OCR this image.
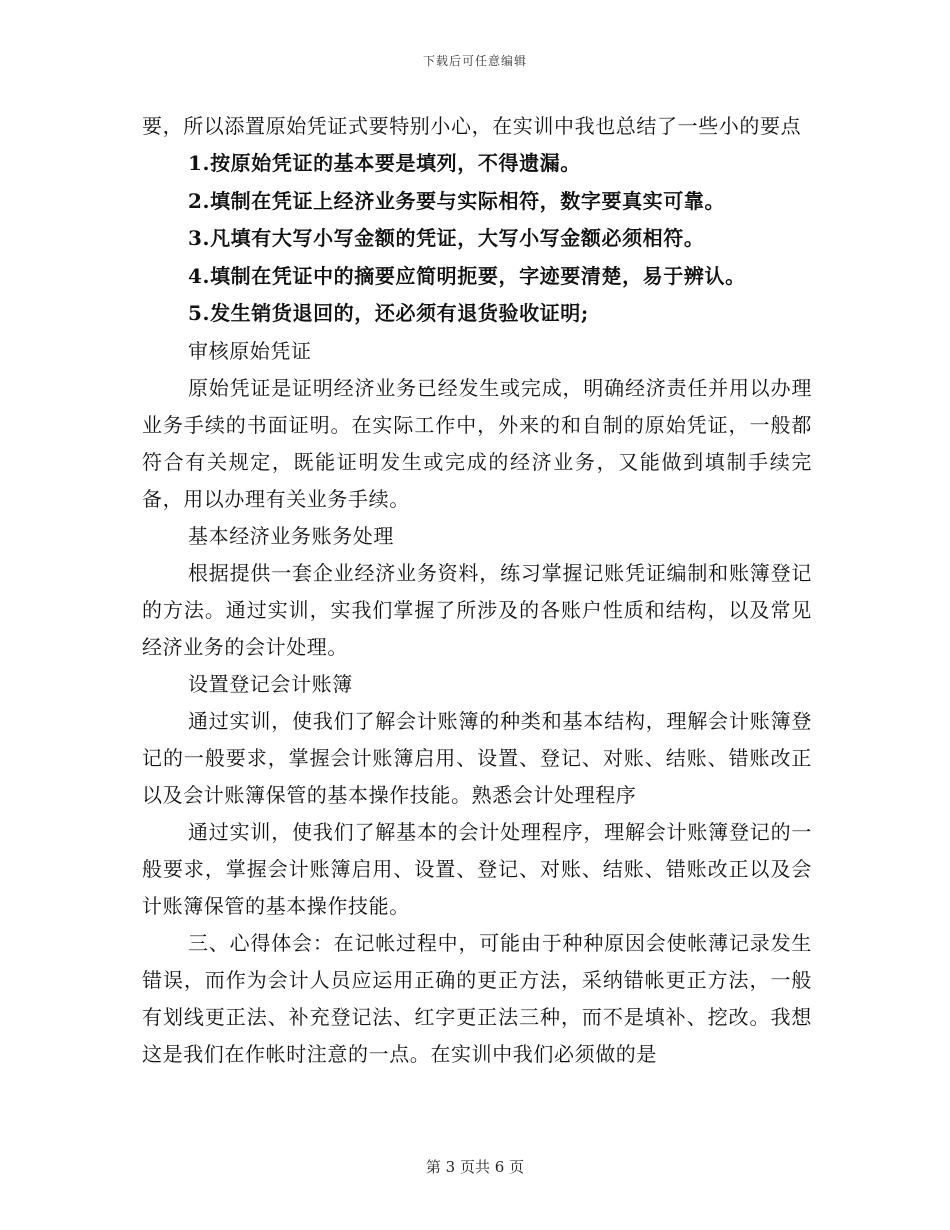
下载后可任意编辑

要，所以添置原始凭证式要特别小心，在实训中我也总结了一些小的要点

1.按原始凭证的基本要是填列，不得遗漏。

2.填制在凭证上经济业务要与实际相符，数字要真实可靠。

3.凡填有大写小写金额的凭证，大写小写金额必须相符。

4.填制在凭证中的摘要应简明扼要，字迹要清楚，易于辨认。

5.发生销货退回的，还必须有退货验收证明;

审核原始凭证

原始凭证是证明经济业务已经发生或完成，明确经济责任并用以办理业务手续的书面证明。在实际工作中，外来的和自制的原始凭证，一般都符合有关规定，既能证明发生或完成的经济业务，又能做到填制手续完备，用以办理有关业务手续。

基本经济业务账务处理

根据提供一套企业经济业务资料，练习掌握记账凭证编制和账簿登记的方法。通过实训，实我们掌握了所涉及的各账户性质和结构，以及常见经济业务的会计处理。

设置登记会计账簿

通过实训，使我们了解会计账簿的种类和基本结构，理解会计账簿登记的一般要求，掌握会计账簿启用、设置、登记、对账、结账、错账改正以及会计账簿保管的基本操作技能。熟悉会计处理程序

通过实训，使我们了解基本的会计处理程序，理解会计账簿登记的一般要求，掌握会计账簿启用、设置、登记、对账、结账、错账改正以及会计账簿保管的基本操作技能。

三、心得体会：在记帐过程中，可能由于种种原因会使帐薄记录发生错误，而作为会计人员应运用正确的更正方法，采纳错帐更正方法，一般有划线更正法、补充登记法、红字更正法三种，而不是填补、挖改。我想这是我们在作帐时注意的一点。在实训中我们必须做的是

第 3 页共 6 页
